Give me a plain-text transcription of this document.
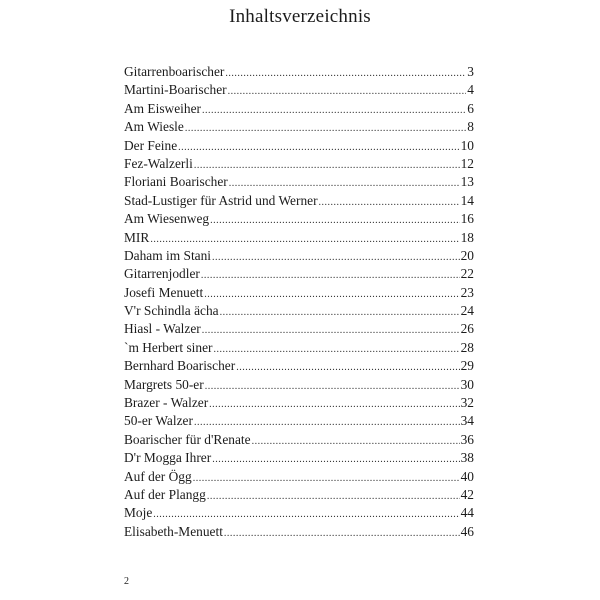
Inhaltsverzeichnis
Gitarrenboarischer .....	3
Martini-Boarischer .....	4
Am Eisweiher .....	6
Am Wiesle .....	8
Der Feine .....	10
Fez-Walzerli .....	12
Floriani Boarischer .....	13
Stad-Lustiger für Astrid und Werner .....	14
Am Wiesenweg .....	16
MIR .....	18
Daham im Stani .....	20
Gitarrenjodler .....	22
Josefi Menuett .....	23
V'r Schindla ächa .....	24
Hiasl - Walzer .....	26
`m Herbert siner .....	28
Bernhard Boarischer .....	29
Margrets 50-er .....	30
Brazer - Walzer .....	32
50-er Walzer .....	34
Boarischer für d'Renate .....	36
D'r Mogga Ihrer .....	38
Auf der Ögg .....	40
Auf der Plangg .....	42
Moje .....	44
Elisabeth-Menuett .....	46
2
